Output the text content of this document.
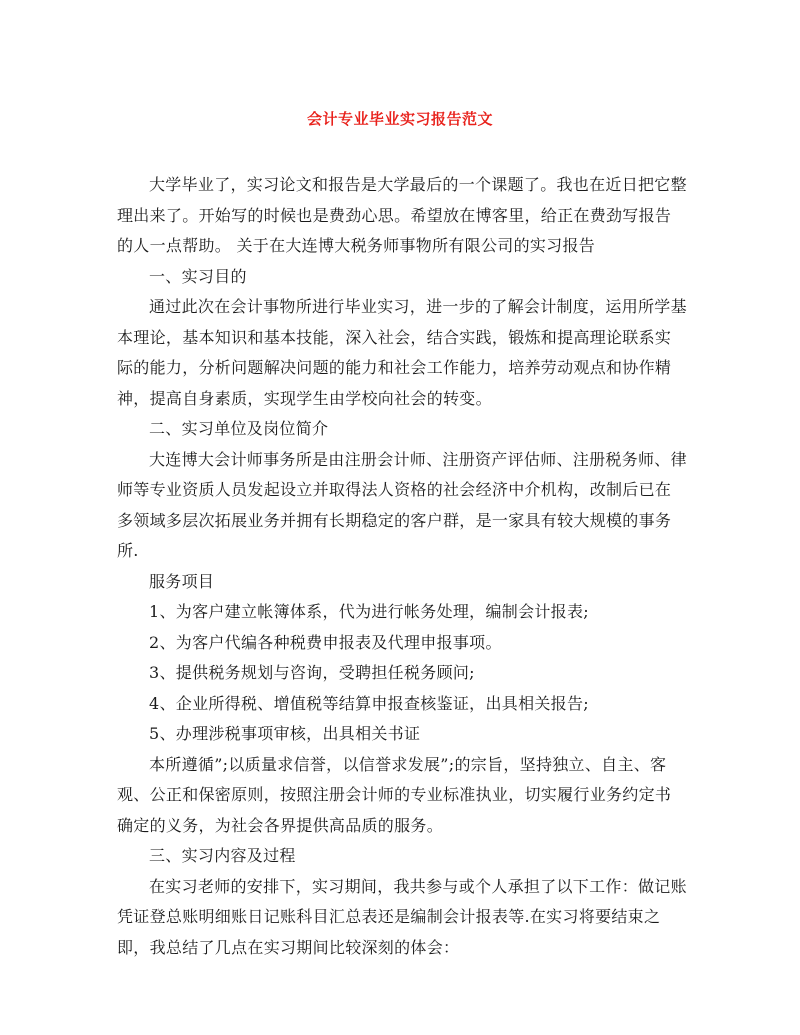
会计专业毕业实习报告范文

大学毕业了，实习论文和报告是大学最后的一个课题了。我也在近日把它整理出来了。开始写的时候也是费劲心思。希望放在博客里，给正在费劲写报告的人一点帮助。 关于在大连博大税务师事物所有限公司的实习报告

一、实习目的

通过此次在会计事物所进行毕业实习，进一步的了解会计制度，运用所学基本理论，基本知识和基本技能，深入社会，结合实践，锻炼和提高理论联系实际的能力，分析问题解决问题的能力和社会工作能力，培养劳动观点和协作精神，提高自身素质，实现学生由学校向社会的转变。

二、实习单位及岗位简介

大连博大会计师事务所是由注册会计师、注册资产评估师、注册税务师、律师等专业资质人员发起设立并取得法人资格的社会经济中介机构，改制后已在多领域多层次拓展业务并拥有长期稳定的客户群，是一家具有较大规模的事务所.

服务项目

1、为客户建立帐簿体系，代为进行帐务处理，编制会计报表;

2、为客户代编各种税费申报表及代理申报事项。

3、提供税务规划与咨询，受聘担任税务顾问;

4、企业所得税、增值税等结算申报查核鉴证，出具相关报告;

5、办理涉税事项审核，出具相关书证

本所遵循”;以质量求信誉，以信誉求发展”;的宗旨，坚持独立、自主、客观、公正和保密原则，按照注册会计师的专业标准执业，切实履行业务约定书确定的义务，为社会各界提供高品质的服务。

三、实习内容及过程

在实习老师的安排下，实习期间，我共参与或个人承担了以下工作：做记账凭证登总账明细账日记账科目汇总表还是编制会计报表等.在实习将要结束之即，我总结了几点在实习期间比较深刻的体会：
